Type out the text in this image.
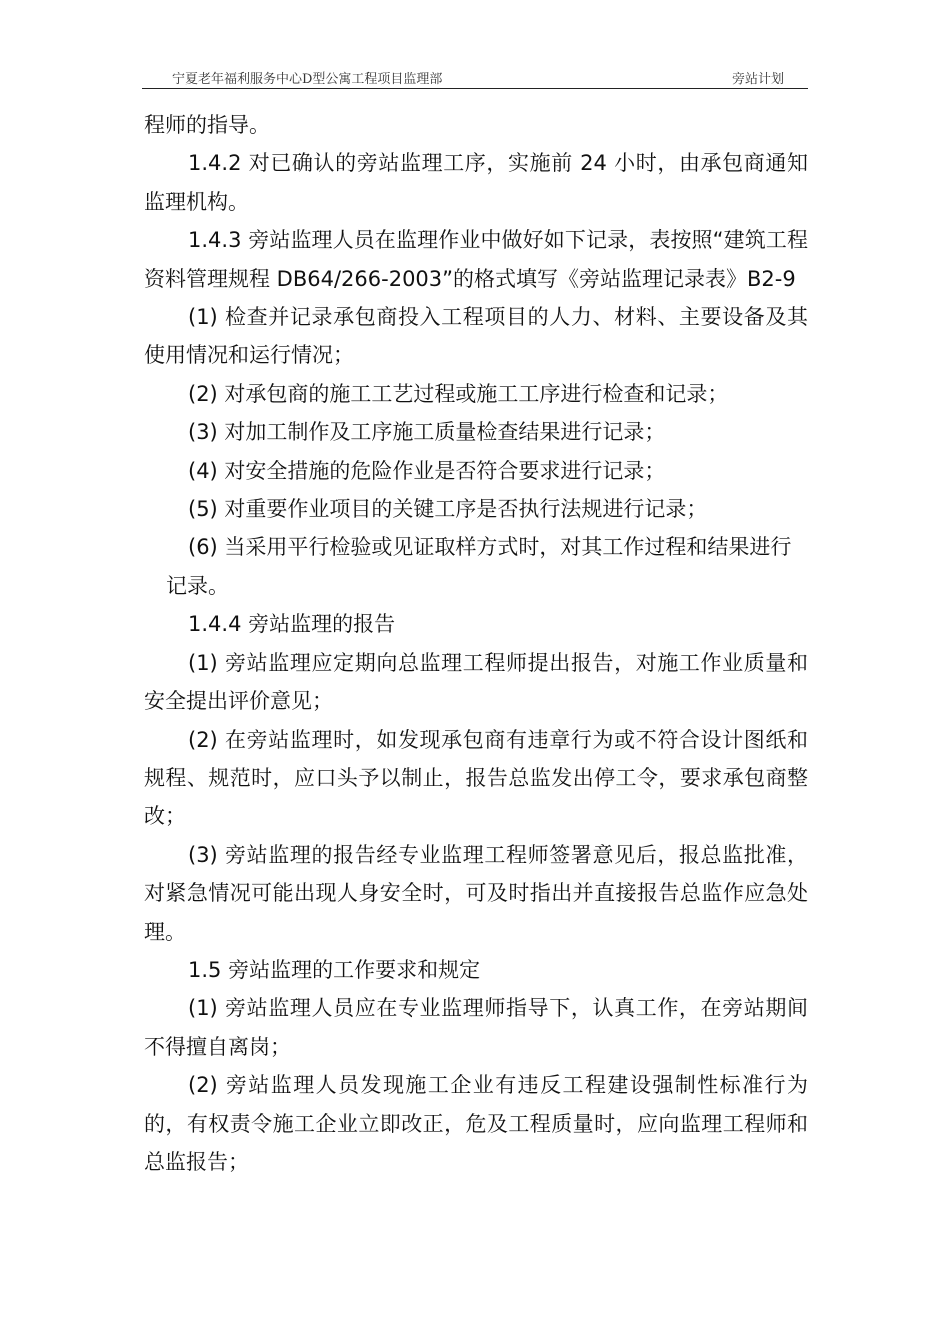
宁夏老年福利服务中心D型公寓工程项目监理部	旁站计划

程师的指导。

1.4.2 对已确认的旁站监理工序，实施前 24 小时，由承包商通知监理机构。

1.4.3 旁站监理人员在监理作业中做好如下记录，表按照“建筑工程资料管理规程 DB64/266-2003”的格式填写《旁站监理记录表》B2-9

(1) 检查并记录承包商投入工程项目的人力、材料、主要设备及其使用情况和运行情况；

(2) 对承包商的施工工艺过程或施工工序进行检查和记录；

(3) 对加工制作及工序施工质量检查结果进行记录；

(4) 对安全措施的危险作业是否符合要求进行记录；

(5) 对重要作业项目的关键工序是否执行法规进行记录；

(6) 当采用平行检验或见证取样方式时，对其工作过程和结果进行

记录。

1.4.4 旁站监理的报告

(1) 旁站监理应定期向总监理工程师提出报告，对施工作业质量和安全提出评价意见；

(2) 在旁站监理时，如发现承包商有违章行为或不符合设计图纸和规程、规范时，应口头予以制止，报告总监发出停工令，要求承包商整改；

(3) 旁站监理的报告经专业监理工程师签署意见后，报总监批准，对紧急情况可能出现人身安全时，可及时指出并直接报告总监作应急处理。

1.5 旁站监理的工作要求和规定

(1) 旁站监理人员应在专业监理师指导下，认真工作，在旁站期间不得擅自离岗；

(2) 旁站监理人员发现施工企业有违反工程建设强制性标准行为的，有权责令施工企业立即改正，危及工程质量时，应向监理工程师和总监报告；
